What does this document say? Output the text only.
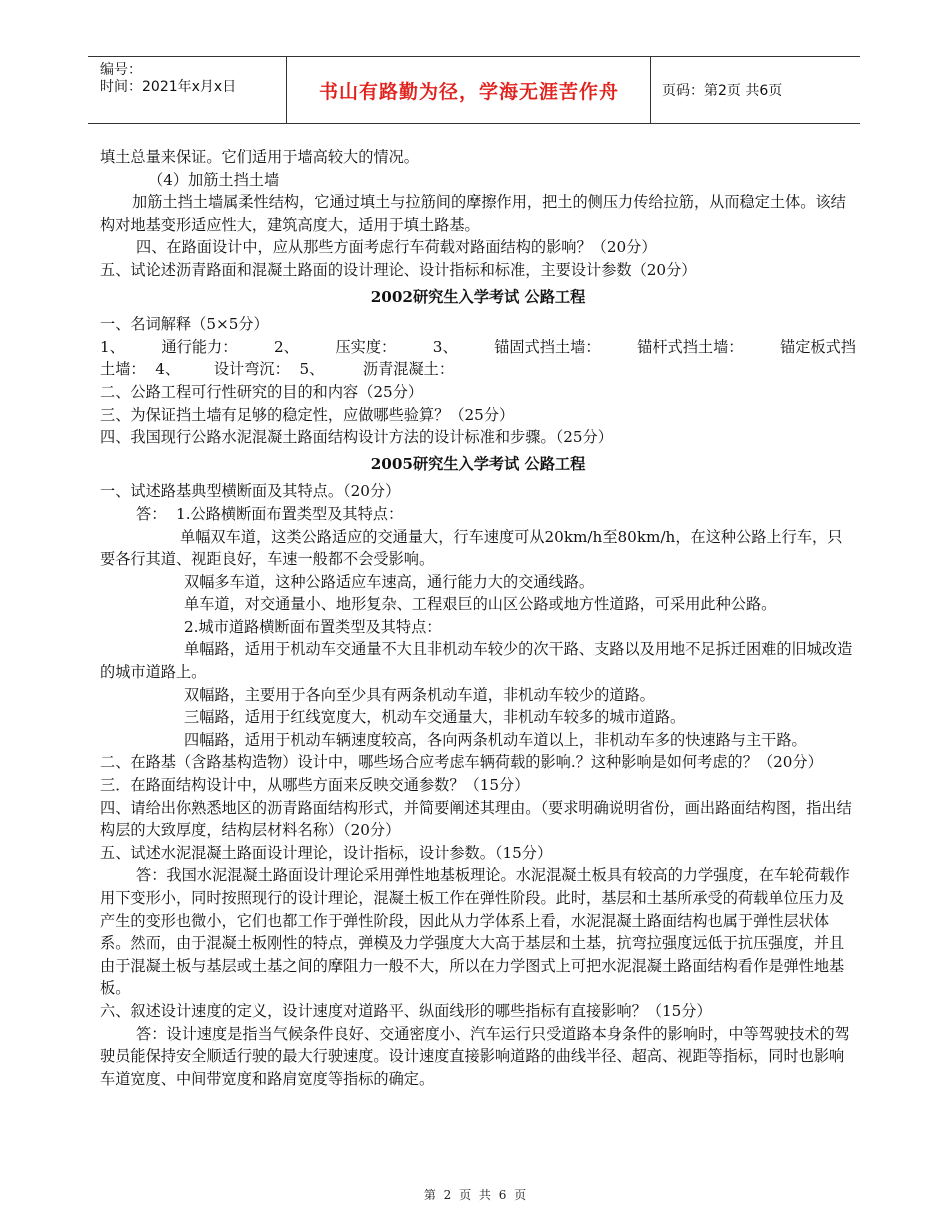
编号：
时间：2021年x月x日	书山有路勤为径，学海无涯苦作舟	页码：第2页 共6页

填土总量来保证。它们适用于墙高较大的情况。

（4）加筋土挡土墙

加筋土挡土墙属柔性结构，它通过填土与拉筋间的摩擦作用，把土的侧压力传给拉筋，从而稳定土体。该结构对地基变形适应性大，建筑高度大，适用于填土路基。

四、在路面设计中，应从那些方面考虑行车荷载对路面结构的影响？（20分）

五、试论述沥青路面和混凝土路面的设计理论、设计指标和标准，主要设计参数（20分）

2002研究生入学考试 公路工程

一、名词解释（5×5分）

1、 通行能力： 2、 压实度： 3、 锚固式挡土墙： 锚杆式挡土墙： 锚定板式挡

土墙：  4、       设计弯沉：  5、        沥青混凝土：

二、公路工程可行性研究的目的和内容（25分）

三、为保证挡土墙有足够的稳定性，应做哪些验算？（25分）

四、我国现行公路水泥混凝土路面结构设计方法的设计标准和步骤。（25分）

2005研究生入学考试 公路工程

一、试述路基典型横断面及其特点。（20分）

答：  1.公路横断面布置类型及其特点：

单幅双车道，这类公路适应的交通量大，行车速度可从20km/h至80km/h，在这种公路上行车，只要各行其道、视距良好，车速一般都不会受影响。

双幅多车道，这种公路适应车速高，通行能力大的交通线路。

单车道，对交通量小、地形复杂、工程艰巨的山区公路或地方性道路，可采用此种公路。

2.城市道路横断面布置类型及其特点：

单幅路，适用于机动车交通量不大且非机动车较少的次干路、支路以及用地不足拆迁困难的旧城改造的城市道路上。

双幅路，主要用于各向至少具有两条机动车道，非机动车较少的道路。

三幅路，适用于红线宽度大，机动车交通量大，非机动车较多的城市道路。

四幅路，适用于机动车辆速度较高，各向两条机动车道以上，非机动车多的快速路与主干路。

二、在路基（含路基构造物）设计中，哪些场合应考虑车辆荷载的影响.？这种影响是如何考虑的？（20分）

三．在路面结构设计中，从哪些方面来反映交通参数？（15分）

四、请给出你熟悉地区的沥青路面结构形式，并简要阐述其理由。（要求明确说明省份，画出路面结构图，指出结构层的大致厚度，结构层材料名称）（20分）

五、试述水泥混凝土路面设计理论，设计指标，设计参数。（15分）

答：我国水泥混凝土路面设计理论采用弹性地基板理论。水泥混凝土板具有较高的力学强度，在车轮荷载作用下变形小，同时按照现行的设计理论，混凝土板工作在弹性阶段。此时，基层和土基所承受的荷载单位压力及产生的变形也微小，它们也都工作于弹性阶段，因此从力学体系上看，水泥混凝土路面结构也属于弹性层状体系。然而，由于混凝土板刚性的特点，弹模及力学强度大大高于基层和土基，抗弯拉强度远低于抗压强度，并且由于混凝土板与基层或土基之间的摩阻力一般不大，所以在力学图式上可把水泥混凝土路面结构看作是弹性地基板。

六、叙述设计速度的定义，设计速度对道路平、纵面线形的哪些指标有直接影响？（15分）

答：设计速度是指当气候条件良好、交通密度小、汽车运行只受道路本身条件的影响时，中等驾驶技术的驾驶员能保持安全顺适行驶的最大行驶速度。设计速度直接影响道路的曲线半径、超高、视距等指标，同时也影响车道宽度、中间带宽度和路肩宽度等指标的确定。

第 2 页 共 6 页
